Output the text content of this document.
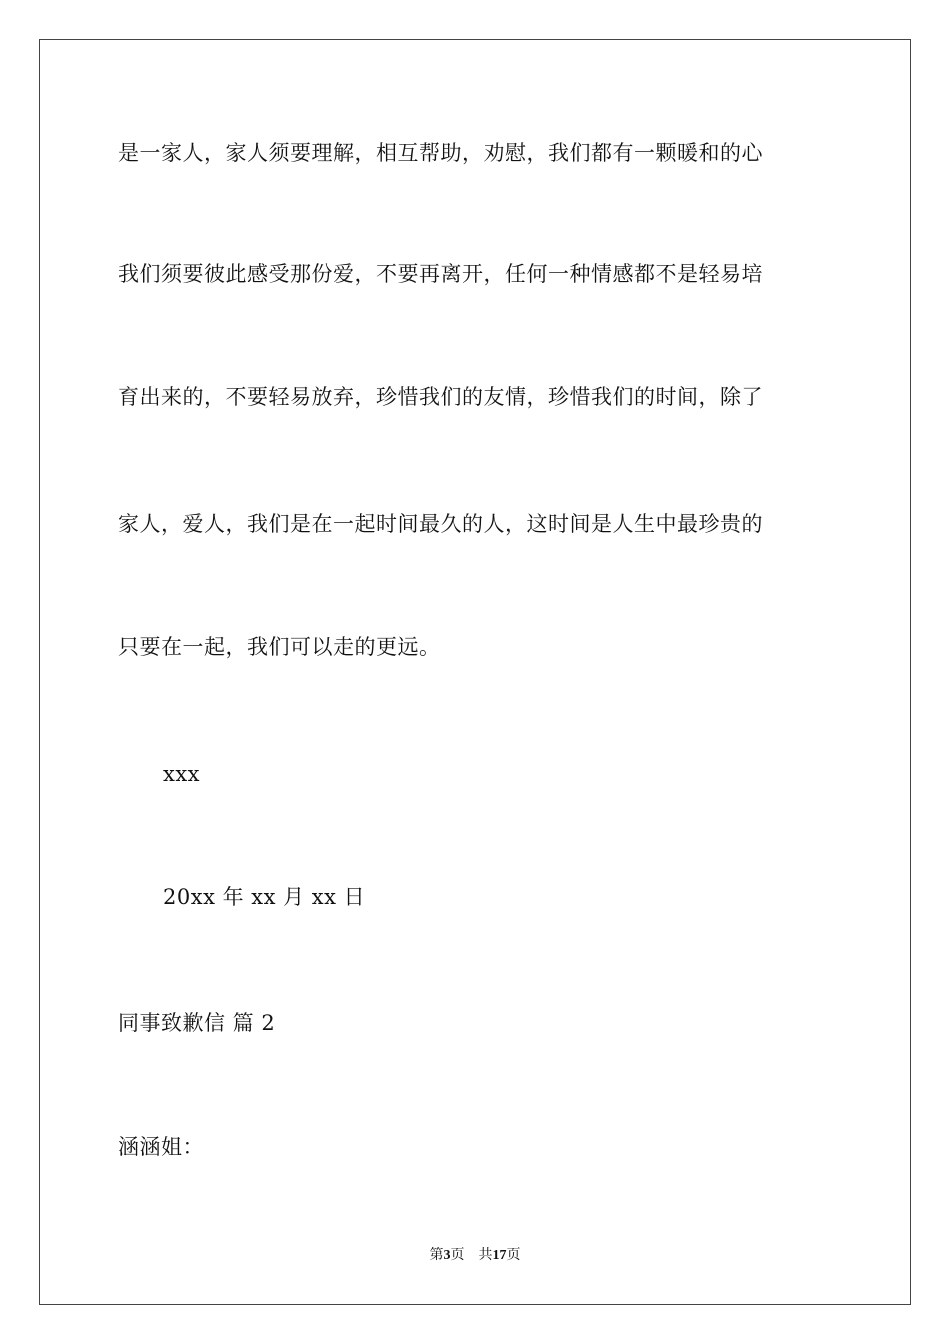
是一家人，家人须要理解，相互帮助，劝慰，我们都有一颗暖和的心
我们须要彼此感受那份爱，不要再离开，任何一种情感都不是轻易培
育出来的，不要轻易放弃，珍惜我们的友情，珍惜我们的时间，除了
家人，爱人，我们是在一起时间最久的人，这时间是人生中最珍贵的
只要在一起，我们可以走的更远。
xxx
20xx 年 xx 月 xx 日
同事致歉信 篇 2
涵涵姐：
第3页 共17页
